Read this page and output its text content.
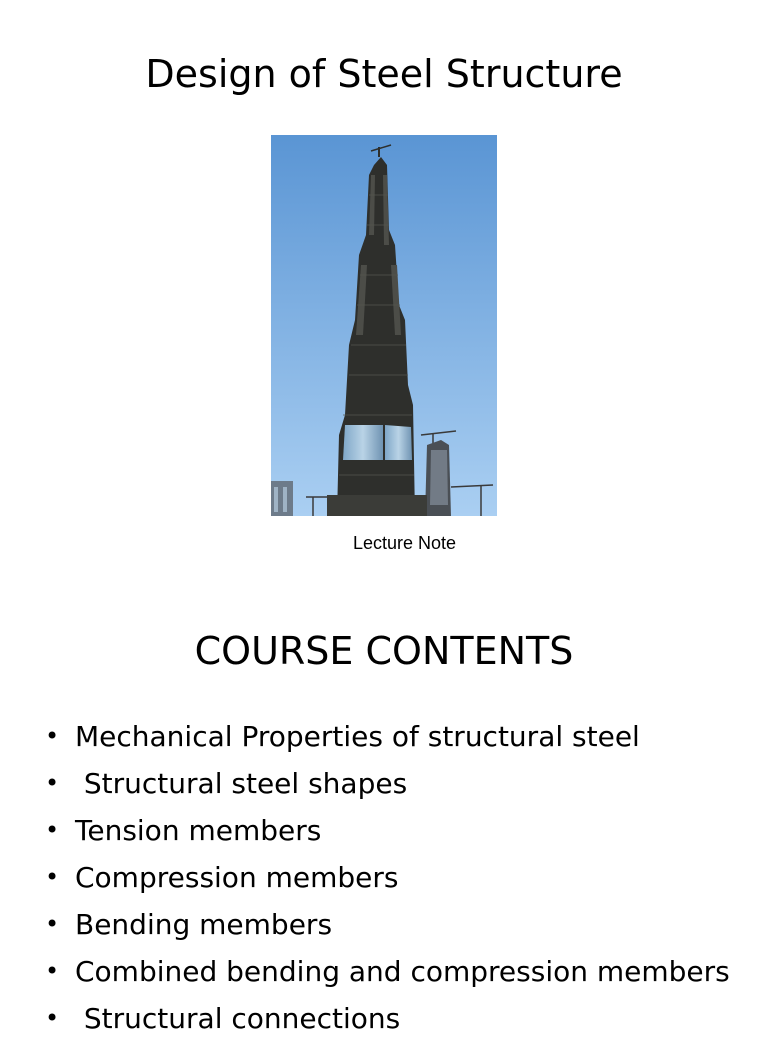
Design of Steel Structure
Lecture Note
COURSE CONTENTS
• Mechanical Properties of structural steel
• Structural steel shapes
• Tension members
• Compression members
• Bending members
• Combined bending and compression members
• Structural connections
